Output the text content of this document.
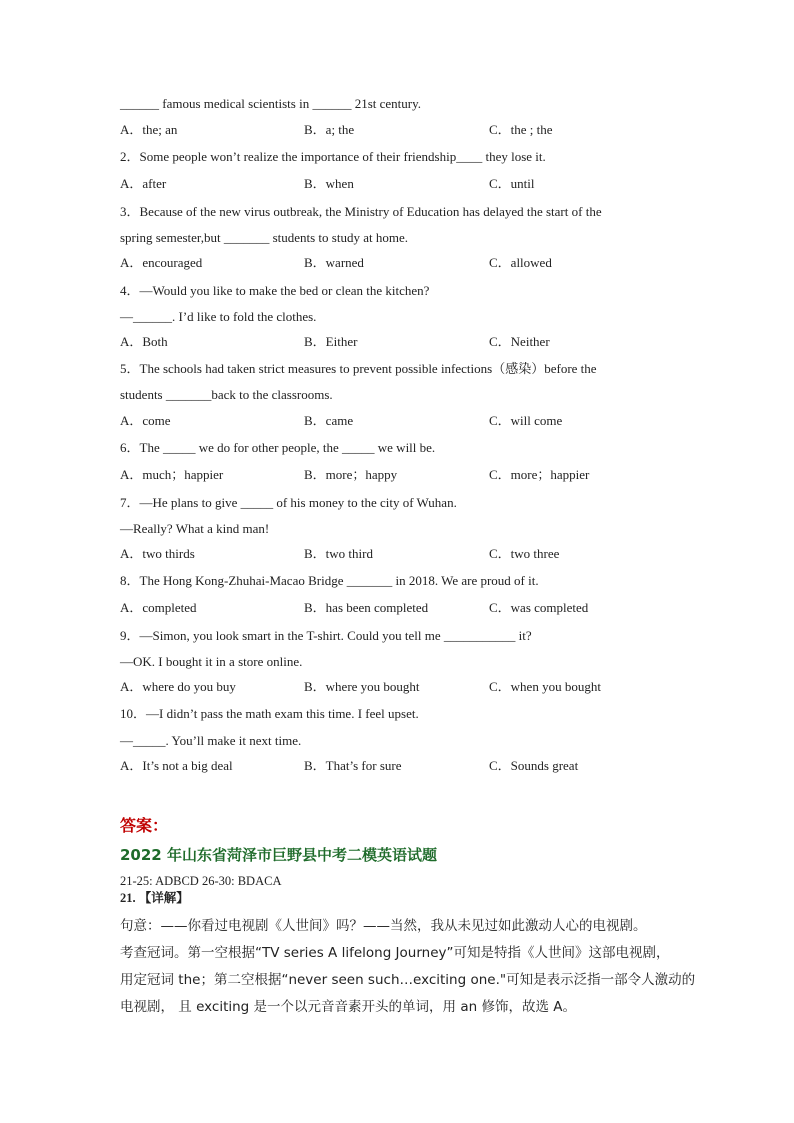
______ famous medical scientists in ______ 21st century.
A．the; an	B．a; the	C．the ; the
2．Some people won’t realize the importance of their friendship____ they lose it.
A．after	B．when	C．until
3．Because of the new virus outbreak, the Ministry of Education has delayed the start of the
spring semester,but _______ students to study at home.
A．encouraged	B．warned	C．allowed
4．—Would you like to make the bed or clean the kitchen?
—______. I’d like to fold the clothes.
A．Both	B．Either	C．Neither
5．The schools had taken strict measures to prevent possible infections（感染）before the
students _______back to the classrooms.
A．come	B．came	C．will come
6．The _____ we do for other people, the _____ we will be.
A．much；happier	B．more；happy	C．more；happier
7．—He plans to give _____ of his money to the city of Wuhan.
—Really? What a kind man!
A．two thirds	B．two third	C．two three
8．The Hong Kong-Zhuhai-Macao Bridge _______ in 2018. We are proud of it.
A．completed	B．has been completed	C．was completed
9．—Simon, you look smart in the T-shirt. Could you tell me ___________ it?
—OK. I bought it in a store online.
A．where do you buy	B．where you bought	C．when you bought
10．—I didn’t pass the math exam this time. I feel upset.
—_____. You’ll make it next time.
A．It’s not a big deal	B．That’s for sure	C．Sounds great
答案：
2022 年山东省菏泽市巨野县中考二模英语试题
21-25: ADBCD 26-30: BDACA
21. 【详解】
句意：——你看过电视剧《人世间》吗？——当然，我从未见过如此激动人心的电视剧。
考查冠词。第一空根据“TV series A lifelong Journey”可知是特指《人世间》这部电视剧，
用定冠词 the；第二空根据“never seen such…exciting one."可知是表示泛指一部令人激动的
电视剧， 且 exciting 是一个以元音音素开头的单词，用 an 修饰，故选 A。
